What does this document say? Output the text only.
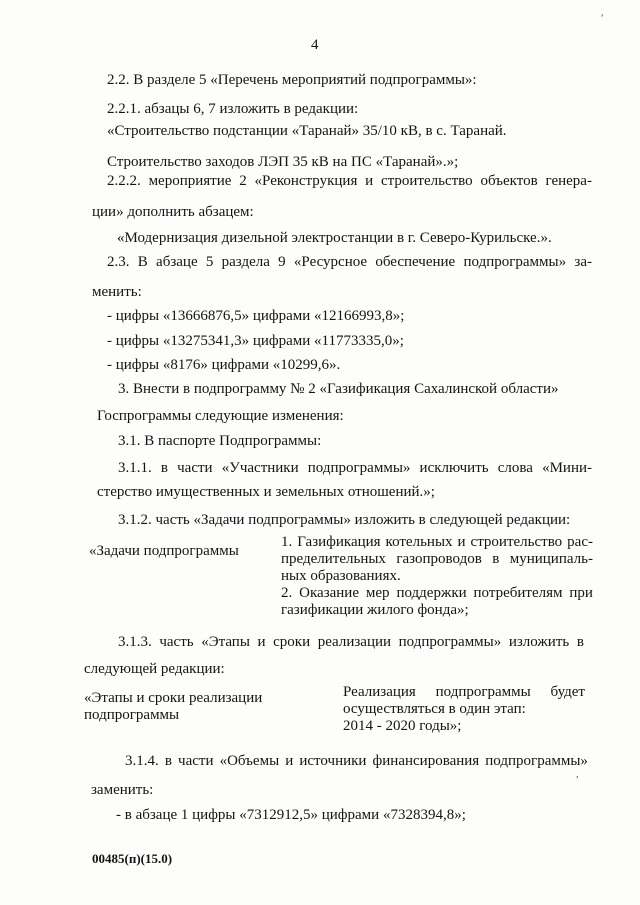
⸴
4
2.2. В разделе 5 «Перечень мероприятий подпрограммы»:
2.2.1. абзацы 6, 7 изложить в редакции:
«Строительство подстанции «Таранай» 35/10 кВ, в с. Таранай.
Строительство заходов ЛЭП 35 кВ на ПС «Таранай».»;
2.2.2. мероприятие 2 «Реконструкция и строительство объектов генера-
ции» дополнить абзацем:
«Модернизация дизельной электростанции в г. Северо-Курильске.».
2.3. В абзаце 5 раздела 9 «Ресурсное обеспечение подпрограммы» за-
менить:
- цифры «13666876,5» цифрами «12166993,8»;
- цифры «13275341,3» цифрами «11773335,0»;
- цифры «8176» цифрами «10299,6».
3. Внести в подпрограмму № 2 «Газификация Сахалинской области»
Госпрограммы следующие изменения:
3.1. В паспорте Подпрограммы:
3.1.1. в части «Участники подпрограммы» исключить слова «Мини-
стерство имущественных и земельных отношений.»;
3.1.2. часть «Задачи подпрограммы» изложить в следующей редакции:
«Задачи подпрограммы
1. Газификация котельных и строительство рас-
пределительных газопроводов в муниципаль-
ных образованиях.
2. Оказание мер поддержки потребителям при
газификации жилого фонда»;
3.1.3. часть «Этапы и сроки реализации подпрограммы» изложить в
следующей редакции:
«Этапы и сроки реализации
подпрограммы
Реализация подпрограммы будет
осуществляться в один этап:
2014 - 2020 годы»;
3.1.4. в части «Объемы и источники финансирования подпрограммы»
заменить:
- в абзаце 1 цифры «7312912,5» цифрами «7328394,8»;
,
00485(п)(15.0)
